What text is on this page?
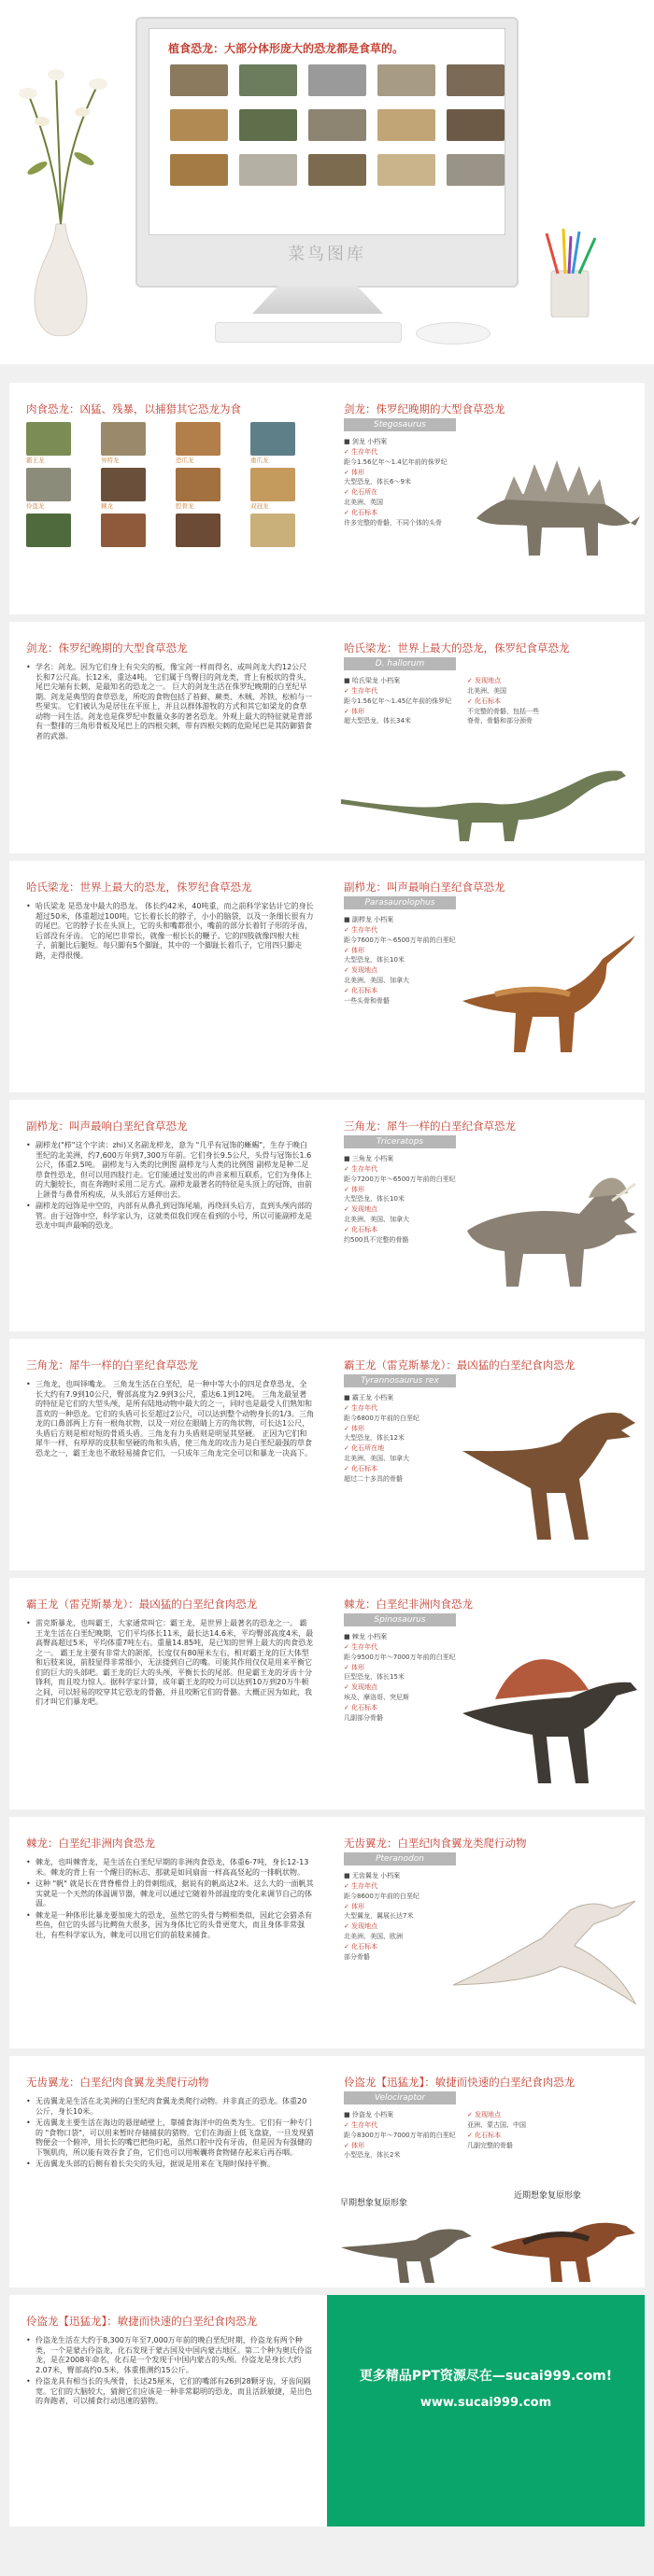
植食恐龙：大部分体形庞大的恐龙都是食草的。
菜鸟图库
肉食恐龙：凶猛、残暴，以捕猎其它恐龙为食
霸王龙	异特龙	恐爪龙	重爪龙
伶盗龙	棘龙	腔骨龙	双冠龙
剑龙：侏罗纪晚期的大型食草恐龙
Stegosaurus
■ 剑龙 小档案
✓ 生存年代
距今1.56亿年～1.4亿年前的侏罗纪
✓ 体形
大型恐龙，体长6～9米
✓ 化石所在
北美洲、英国
✓ 化石标本
许多完整的骨骼，不同个体的头骨
剑龙：侏罗纪晚期的大型食草恐龙
• 学名：剑龙。因为它们身上有尖尖的板，像宝剑一样而得名，或叫剑龙大约12公尺长和7公尺高。长12米，重达4吨。 它们属于鸟臀目的剑龙类，背上有板状的骨头，尾巴尖端有长刺，是最知名的恐龙之一。 巨大的剑龙生活在侏罗纪晚期的白垩纪早期。剑龙是典型的食草恐龙，所吃的食物包括了苔藓、蕨类、木贼、苏铁、松柏与一些果实。 它们被认为是居住在平原上，并且以群体游牧的方式和其它如梁龙的食草动物一同生活。剑龙也是侏罗纪中数量众多的著名恐龙。外观上最大的特征就是背部有一整排的三角形骨板及尾巴上的四根尖刺，带有四根尖刺的危险尾巴是其防御猎食者的武器。
哈氏梁龙：世界上最大的恐龙，侏罗纪食草恐龙
D. hallorum
■ 哈氏梁龙 小档案
✓ 生存年代
距今1.56亿年～1.45亿年前的侏罗纪
✓ 体形
超大型恐龙，体长34米
✓ 发现地点
北美洲、美国
✓ 化石标本
不完整的骨骼，包括一些脊骨、骨骼和部分颈骨
哈氏梁龙：世界上最大的恐龙，侏罗纪食草恐龙
• 哈氏梁龙 是恐龙中最大的恐龙。 体长约42米，40吨重，而之前科学家估计它的身长超过50米，体重超过100吨。它长着长长的脖子，小小的脑袋，以及一条细长很有力的尾巴。它的脖子长在头顶上，它的头和嘴都很小，嘴前的部分长着钉子形的牙齿，后部没有牙齿。 它的尾巴非常长，就像一根长长的鞭子。它的四肢就像四根大柱子，前腿比后腿短。每只脚有5个脚趾，其中的一个脚趾长着爪子，它用四只脚走路，走得很慢。
副栉龙：叫声最响白垩纪食草恐龙
Parasaurolophus
■ 副栉龙 小档案
✓ 生存年代
距今7600万年～6500万年前的白垩纪
✓ 体形
大型恐龙，体长10米
✓ 发现地点
北美洲、美国、加拿大
✓ 化石标本
一些头骨和骨骼
副栉龙：叫声最响白垩纪食草恐龙
• 副栉龙("栉"这个字读：zhi)又名副龙栉龙，意为 "几乎有冠饰的蜥蜴"，生存于晚白垩纪的北美洲，约7,600万年到7,300万年前。它们身长9.5公尺，头骨与冠饰长1.6公尺，体重2.5吨。 副栉龙与入类的比例图 副栉龙与人类的比例图 副栉龙是种二足草食性恐龙，但可以用四肢行走。它们能通过发出的声音来相互联系，它们为身体上的大腿较长，而在奔跑时采用二足方式。副栉龙最著名的特征是头顶上的冠饰，由前上颌骨与鼻骨所构成，从头部后方延伸出去。
• 副栉龙的冠饰是中空的，内部有从鼻孔到冠饰尾端，再绕回头后方，直到头颅内部的管。由于冠饰中空，科学家认为，这就类似我们现在看到的小号，所以可能副栉龙是恐龙中叫声最响的恐龙。
三角龙：犀牛一样的白垩纪食草恐龙
Triceratops
■ 三角龙 小档案
✓ 生存年代
距今7200万年～6500万年前的白垩纪
✓ 体形
大型恐龙，体长10米
✓ 发现地点
北美洲、美国、加拿大
✓ 化石标本
约500具不完整的骨骼
三角龙：犀牛一样的白垩纪食草恐龙
• 三角龙，也叫铎嘴龙。 三角龙生活在白垩纪，是一种中等大小的四足食草恐龙，全长大约有7.9到10公尺，臀部高度为2.9到3公尺，重达6.1到12吨。 三角龙最显著的特征是它们的大型头颅，是所有陆地动物中最大的之一，同时也是最受人们熟知和喜欢的一种恐龙。它们的头盾可长至超过2公尺，可以达到整个动物身长的1/3。三角龙的口鼻部两上方有一根角状物，以及一对位在眼睛上方的角状物，可长达1公尺，头盾后方则是相对短的骨质头盾。三角龙有力头盾则是明显其坚硬。 正因为它们和犀牛一样，有厚厚的皮肤和坚硬的角和头盾，使三角龙的攻击力是白垩纪最强的草食恐龙之一，霸王龙也不敢轻易捕食它们，一只成年三角龙完全可以和暴龙一决高下。
霸王龙（雷克斯暴龙）：最凶猛的白垩纪食肉恐龙
Tyrannosaurus rex
■ 霸王龙 小档案
✓ 生存年代
距今6800万年前的白垩纪
✓ 体形
大型恐龙，体长12米
✓ 化石所在地
北美洲、美国、加拿大
✓ 化石标本
超过二十多具的骨骼
霸王龙（雷克斯暴龙）：最凶猛的白垩纪食肉恐龙
• 雷克斯暴龙，也叫霸王，大家通常叫它：霸王龙，是世界上最著名的恐龙之一。 霸王龙生活在白垩纪晚期，它们平均体长11米，最长达14.6米，平均臀部高度4米，最高臀高超过5米，平均体重7吨左右。重量14.85吨，是已知的世界上最大的肉食恐龙之一。 霸王龙主要有非常大的颌部，长度仅有80厘米左右，相对霸王龙的巨大体型和后肢来说，前肢显得非常细小，无法搂到自己的嘴。可能其作用仅仅是用来平衡它们的巨大的头部吧。霸王龙的巨大的头颅，平衡长长的尾部。但是霸王龙的牙齿十分锋利，而且咬力惊人。据科学家计算，成年霸王龙的咬力可以达到10万到20万牛顿之间，可以轻易的咬穿其它恐龙的骨骼，并且咬断它们的骨骼。大概正因为如此，我们才叫它们暴龙吧。
棘龙：白垩纪非洲肉食恐龙
Spinosaurus
■ 棘龙 小档案
✓ 生存年代
距今9500万年～7000万年前的白垩纪
✓ 体形
巨型恐龙，体长15米
✓ 发现地点
埃及、摩洛哥、突尼斯
✓ 化石标本
几副部分骨骼
棘龙：白垩纪非洲肉食恐龙
• 棘龙，也叫棘背龙，是生活在白垩纪早期的非洲肉食恐龙，体重6-7吨，身长12-13米。棘龙的背上有一个醒目的标志，那就是如同扇面一样高高竖起的一排帆状物。
• 这种 "帆" 就是长在背脊椎骨上的骨刺组成，据说有的帆高达2米。这么大的一面帆其实就是一个天然的体温调节器，棘龙可以通过它随着外部温度的变化来调节自己的体温。
• 棘龙是一种体形比暴龙要加庞大的恐龙，虽然它的头骨与鳄相类似，因此它会猎杀有些鱼，但它的头部与比鳄鱼大很多，因为身体比它的头骨更宽大，而且身体非常强壮，有些科学家认为，棘龙可以用它们的前肢来捕食。
无齿翼龙：白垩纪肉食翼龙类爬行动物
Pteranodon
■ 无齿翼龙 小档案
✓ 生存年代
距今8600万年前的白垩纪
✓ 体形
大型翼龙，翼展长达7米
✓ 发现地点
北美洲、美国、欧洲
✓ 化石标本
部分骨骼
无齿翼龙：白垩纪肉食翼龙类爬行动物
• 无齿翼龙是生活在北美洲的白垩纪肉食翼龙类爬行动物。并非真正的恐龙。体重20公斤，身长10米。
• 无齿翼龙主要生活在海边的悬崖峭壁上，靠捕食海洋中的鱼类为生。它们有一种专门的 "食物口袋"，可以用来暂时存储捕获的猎物。它们在海面上低飞盘旋，一旦发现猎物便会一个俯冲，用长长的嘴巴把鱼叼起，虽然口腔中没有牙齿，但是因为有强健的下颚肌肉，所以能有效吞食了鱼，它们也可以用喉囊将食物储存起来后再吞咽。
• 无齿翼龙头部的后侧有着长尖尖的头冠，据说是用来在飞翔时保持平衡。
伶盗龙【迅猛龙】：敏捷而快速的白垩纪食肉恐龙
Velociraptor
■ 伶盗龙 小档案
✓ 生存年代
距今8300万年～7000万年前的白垩纪
✓ 体形
小型恐龙，体长2米
✓ 发现地点
亚洲、蒙古国、中国
✓ 化石标本
几副完整的骨骼
早期想象复原形象
近期想象复原形象
伶盗龙【迅猛龙】：敏捷而快速的白垩纪食肉恐龙
• 伶盗龙生活在大约于8,300万年至7,000万年前的晚白垩纪时期，伶盗龙有两个种类，一个是蒙古伶盗龙，化石发现于蒙古国及中国内蒙古地区。第二个种为奥氏伶盗龙，是在2008年命名，化石是一个发现于中国内蒙古的头颅。伶盗龙是身长大约2.07米，臀部高约0.5米，体重推测约15公斤。
• 伶盗龙具有相当长的头颅骨，长达25厘米，它们的嘴部有26到28颗牙齿，牙齿间隔宽。它们的大脑较大，猜测它们应该是一种非常聪明的恐龙，而且活跃敏捷，是出色的奔跑者，可以捕食行动迅速的猎物。
更多精品PPT资源尽在—sucai999.com!
www.sucai999.com
